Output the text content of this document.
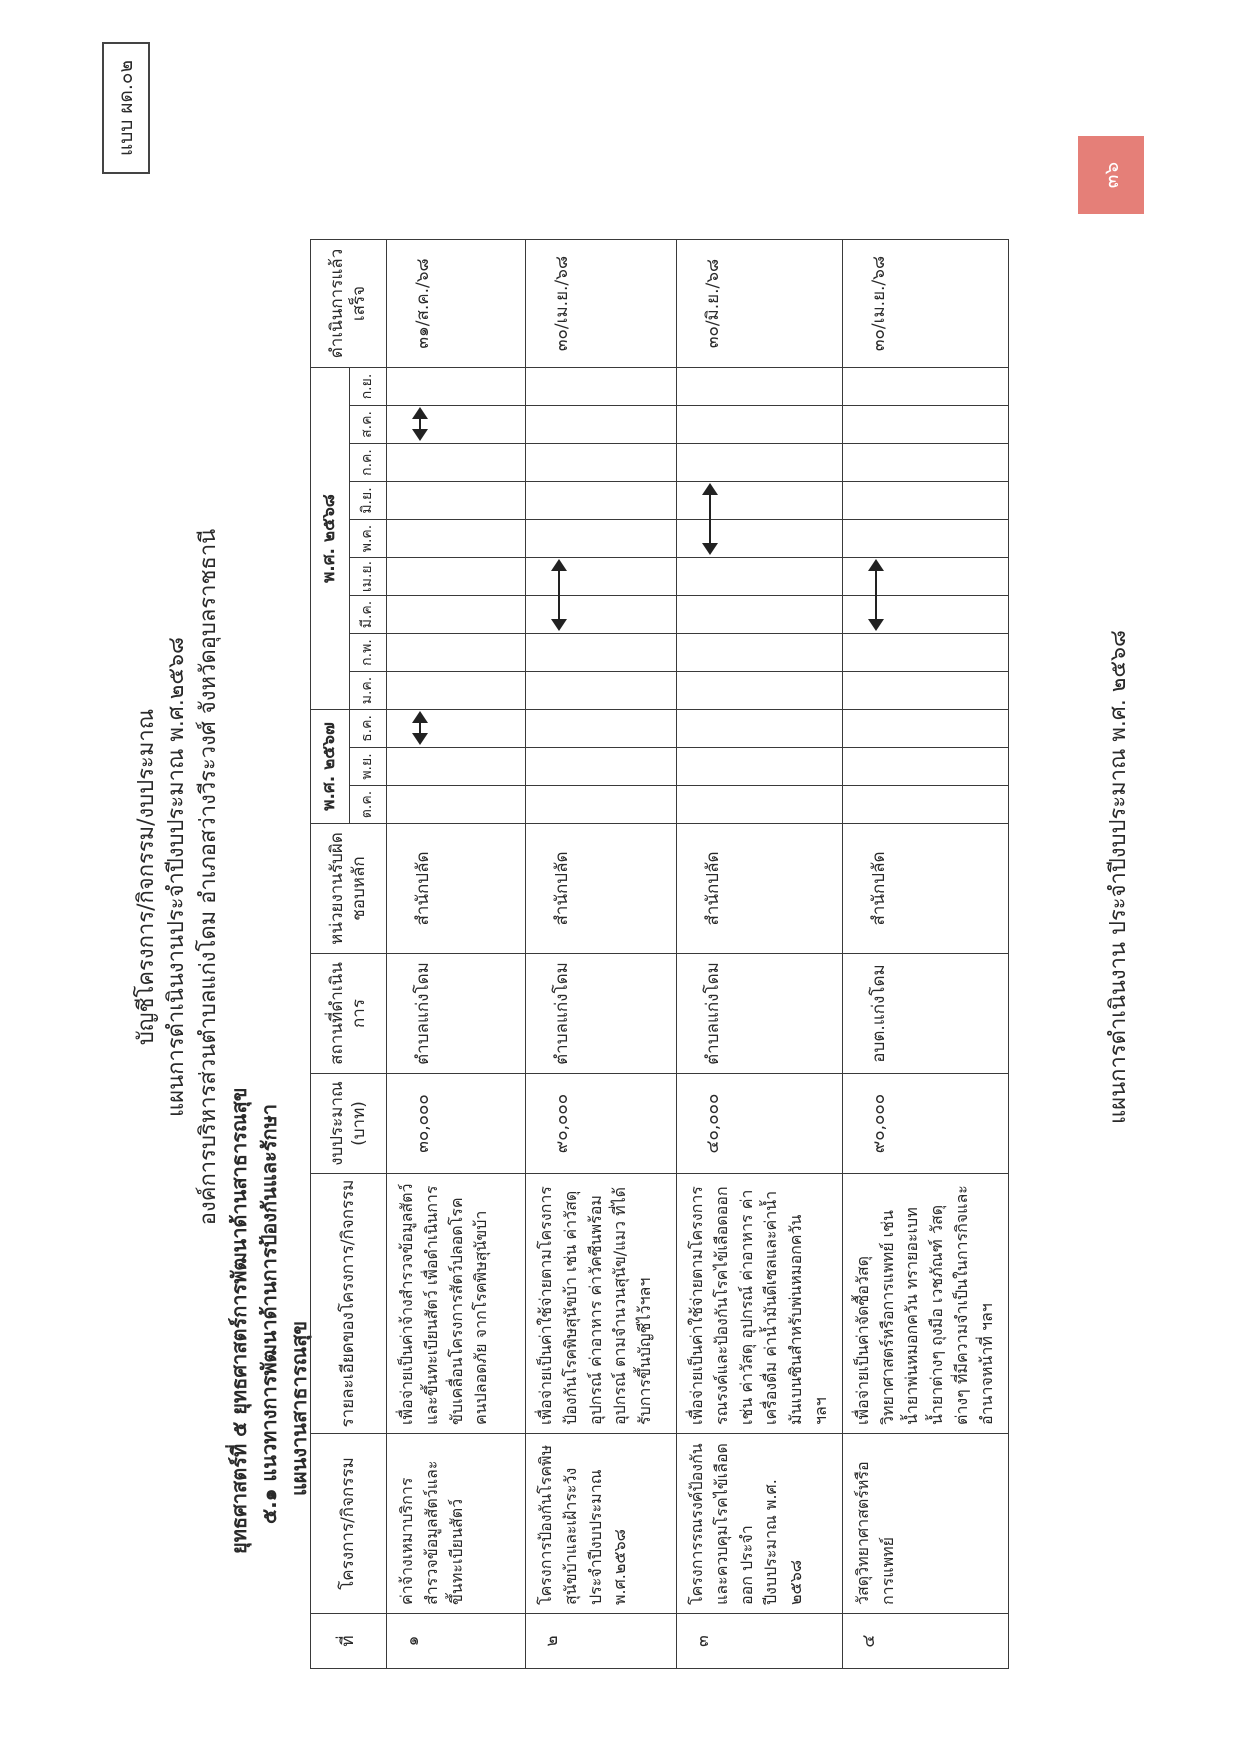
แบบ ผด.๐๒
บัญชีโครงการ/กิจกรรม/งบประมาณ แผนการดำเนินงานประจำปีงบประมาณ พ.ศ.๒๕๖๘ องค์การบริหารส่วนตำบลแก่งโดม อำเภอสว่างวีระวงศ์ จังหวัดอุบลราชธานี
ยุทธศาสตร์ที่ ๕ ยุทธศาสตร์การพัฒนาด้านสาธารณสุข ๕.๑ แนวทางการพัฒนาด้านการป้องกันและรักษา แผนงานสาธารณสุข
ที่	โครงการ/กิจกรรม	รายละเอียดของโครงการ/กิจกรรม	งบประมาณ (บาท)	สถานที่ดำเนินการ	หน่วยงานรับผิดชอบหลัก	พ.ศ. ๒๕๖๗			พ.ศ. ๒๕๖๘									ดำเนินการแล้วเสร็จ
						ต.ค.	พ.ย.	ธ.ค.	ม.ค.	ก.พ.	มี.ค.	เม.ย.	พ.ค.	มิ.ย.	ก.ค.	ส.ค.	ก.ย.	

๑	ค่าจ้างเหมาบริการสำรวจข้อมูลสัตว์และขึ้นทะเบียนสัตว์	เพื่อจ่ายเป็นค่าจ้างสำรวจข้อมูลสัตว์และขึ้นทะเบียนสัตว์ เพื่อดำเนินการขับเคลื่อนโครงการสัตว์ปลอดโรค คนปลอดภัย จากโรคพิษสุนัขบ้า	๓๐,๐๐๐	ตำบลแก่งโดม	สำนักปลัด													๓๑/ส.ค./๖๘

๒	โครงการป้องกันโรคพิษสุนัขบ้าและเฝ้าระวัง ประจำปีงบประมาณ พ.ศ.๒๕๖๘	เพื่อจ่ายเป็นค่าใช้จ่ายตามโครงการป้องกันโรคพิษสุนัขบ้า เช่น ค่าวัสดุอุปกรณ์ ค่าอาหาร ค่าวัคซีนพร้อมอุปกรณ์ ตามจำนวนสุนัข/แมว ที่ได้รับการขึ้นบัญชีไว้ฯลฯ	๙๐,๐๐๐	ตำบลแก่งโดม	สำนักปลัด													๓๐/เม.ย./๖๘

๓	โครงการรณรงค์ป้องกันและควบคุมโรคไข้เลือดออก ประจำปีงบประมาณ พ.ศ. ๒๕๖๘	เพื่อจ่ายเป็นค่าใช้จ่ายตามโครงการรณรงค์และป้องกันโรคไข้เลือดออกเช่น ค่าวัสดุ อุปกรณ์ ค่าอาหาร ค่าเครื่องดื่ม ค่าน้ำมันดีเซลและค่าน้ำมันเบนซินสำหรับพ่นหมอกควัน ฯลฯ	๔๐,๐๐๐	ตำบลแก่งโดม	สำนักปลัด													๓๐/มิ.ย./๖๘

๔	วัสดุวิทยาศาสตร์หรือการแพทย์	เพื่อจ่ายเป็นค่าจัดซื้อวัสดุวิทยาศาสตร์หรือการแพทย์ เช่น น้ำยาพ่นหมอกควัน ทรายอะเบท น้ำยาต่างๆ ถุงมือ เวชภัณฑ์ วัสดุต่างๆ ที่มีความจำเป็นในการกิจและอำนาจหน้าที่ ฯลฯ	๙๐,๐๐๐	อบต.แก่งโดม	สำนักปลัด													๓๐/เม.ย./๖๘
แผนการดำเนินงาน ประจำปีงบประมาณ พ.ศ. ๒๕๖๘
๓๖
